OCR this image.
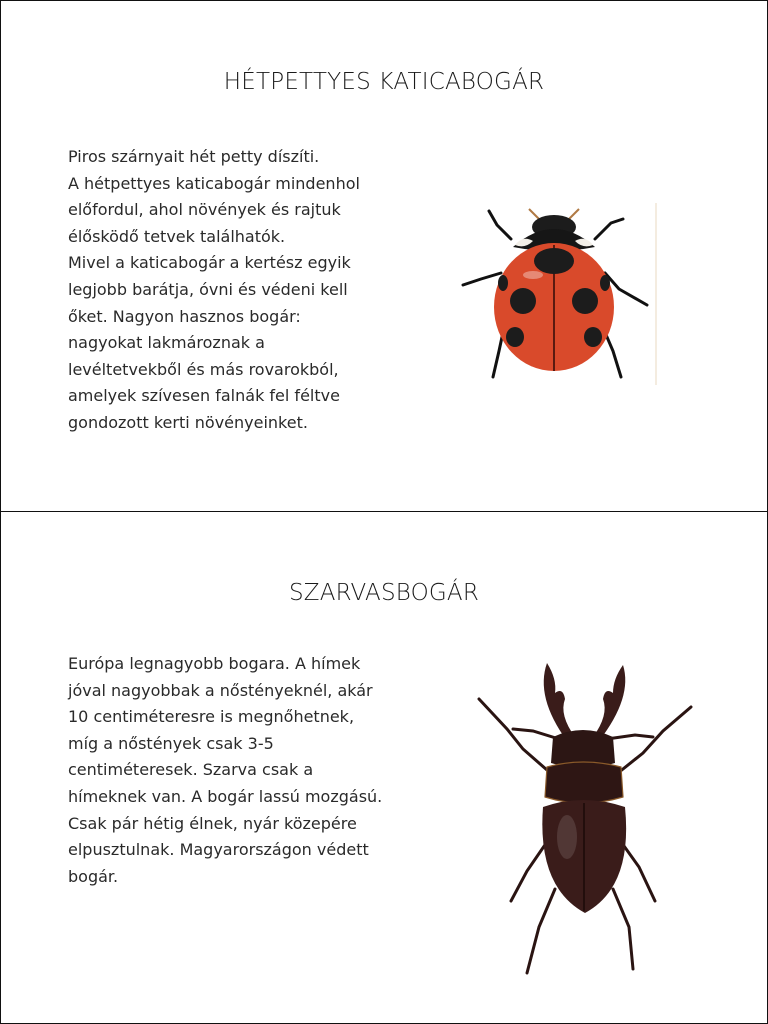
HÉTPETTYES KATICABOGÁR

Piros szárnyait hét petty díszíti.
A hétpettyes katicabogár mindenhol
előfordul, ahol növények és rajtuk
élősködő tetvek találhatók.
Mivel a katicabogár a kertész egyik
legjobb barátja, óvni és védeni kell
őket. Nagyon hasznos bogár:
nagyokat lakmároznak a
levéltetvekből és más rovarokból,
amelyek szívesen falnák fel féltve
gondozott kerti növényeinket.

SZARVASBOGÁR

Európa legnagyobb bogara. A hímek
jóval nagyobbak a nőstényeknél, akár
10 centiméteresre is megnőhetnek,
míg a nőstények csak 3-5
centiméteresek. Szarva csak a
hímeknek van. A bogár lassú mozgású.
Csak pár hétig élnek, nyár közepére
elpusztulnak. Magyarországon védett
bogár.
